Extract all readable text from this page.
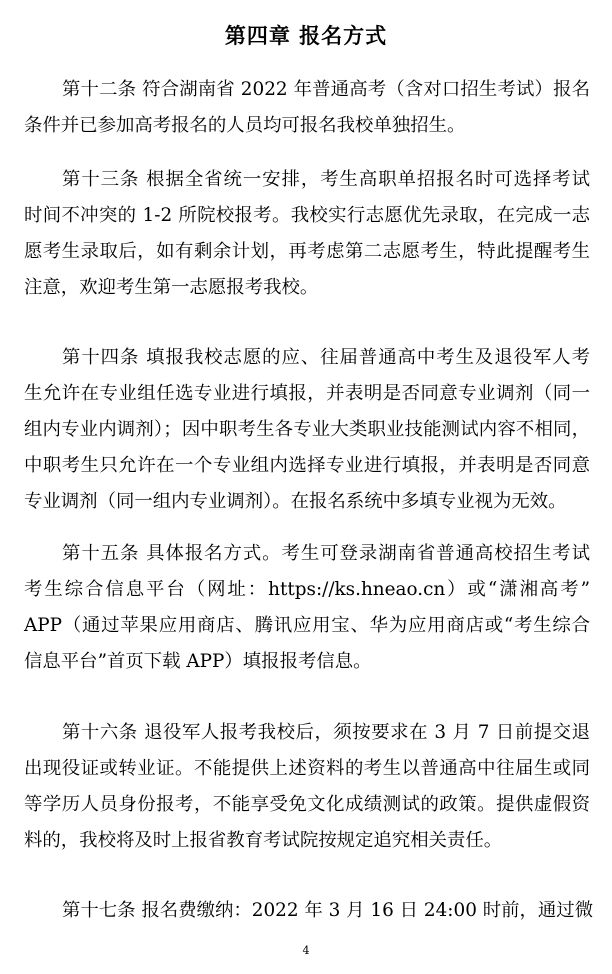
第四章 报名方式
第十二条 符合湖南省 2022 年普通高考（含对口招生考试）报名
条件并已参加高考报名的人员均可报名我校单独招生。
第十三条 根据全省统一安排，考生高职单招报名时可选择考试
时间不冲突的 1-2 所院校报考。我校实行志愿优先录取，在完成一志
愿考生录取后，如有剩余计划，再考虑第二志愿考生，特此提醒考生
注意，欢迎考生第一志愿报考我校。
第十四条 填报我校志愿的应、往届普通高中考生及退役军人考
生允许在专业组任选专业进行填报，并表明是否同意专业调剂（同一
组内专业内调剂）；因中职考生各专业大类职业技能测试内容不相同，
中职考生只允许在一个专业组内选择专业进行填报，并表明是否同意
专业调剂（同一组内专业调剂）。在报名系统中多填专业视为无效。
第十五条 具体报名方式。考生可登录湖南省普通高校招生考试
考生综合信息平台（网址：https://ks.hneao.cn）或“潇湘高考”
APP（通过苹果应用商店、腾讯应用宝、华为应用商店或“考生综合
信息平台”首页下载 APP）填报报考信息。
第十六条 退役军人报考我校后，须按要求在 3 月 7 日前提交退
出现役证或转业证。不能提供上述资料的考生以普通高中往届生或同
等学历人员身份报考，不能享受免文化成绩测试的政策。提供虚假资
料的，我校将及时上报省教育考试院按规定追究相关责任。
第十七条 报名费缴纳：2022 年 3 月 16 日 24:00 时前，通过微
4
